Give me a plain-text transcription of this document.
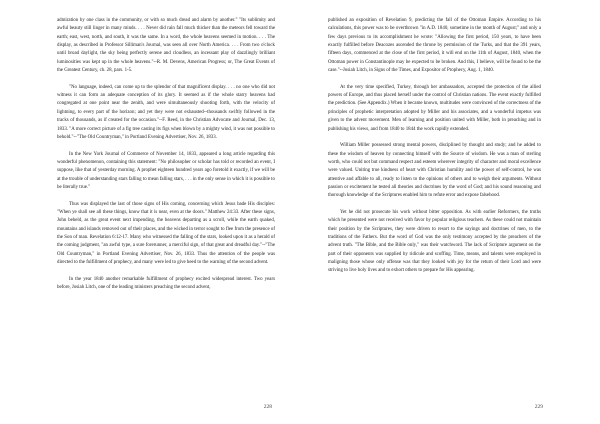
admiration by one class in the community, or with so much dread and alarm by another." "Its sublimity and awful beauty still linger in many minds. . . . Never did rain fall much thicker than the meteors fell toward the earth; east, west, north, and south, it was the same. In a word, the whole heavens seemed in motion. . . . The display, as described in Professor Silliman's Journal, was seen all over North America. . . . From two o'clock until broad daylight, the sky being perfectly serene and cloudless, an incessant play of dazzlingly brilliant luminosities was kept up in the whole heavens."--R. M. Devens, American Progress; or, The Great Events of the Greatest Century, ch. 28, pars. 1-5.

"No language, indeed, can come up to the splendor of that magnificent display. . . . no one who did not witness it can form an adequate conception of its glory. It seemed as if the whole starry heavens had congregated at one point near the zenith, and were simultaneously shooting forth, with the velocity of lightning, to every part of the horizon; and yet they were not exhausted--thousands swiftly followed in the tracks of thousands, as if created for the occasion."--F. Reed, in the Christian Advocate and Journal, Dec. 13, 1833. "A more correct picture of a fig tree casting its figs when blown by a mighty wind, it was not possible to behold."--"The Old Countryman," in Portland Evening Advertiser, Nov. 26, 1833.

In the New York Journal of Commerce of November 14, 1833, appeared a long article regarding this wonderful phenomenon, containing this statement: "No philosopher or scholar has told or recorded an event, I suppose, like that of yesterday morning. A prophet eighteen hundred years ago foretold it exactly, if we will be at the trouble of understanding stars falling to mean falling stars, . . . in the only sense in which it is possible to be literally true."

Thus was displayed the last of those signs of His coming, concerning which Jesus bade His disciples: "When ye shall see all these things, know that it is near, even at the doors." Matthew 24:33. After these signs, John beheld, as the great event next impending, the heavens departing as a scroll, while the earth quaked, mountains and islands removed out of their places, and the wicked in terror sought to flee from the presence of the Son of man. Revelation 6:12-17. Many who witnessed the falling of the stars, looked upon it as a herald of the coming judgment, "an awful type, a sure forerunner, a merciful sign, of that great and dreadful day."--"The Old Countryman," in Portland Evening Advertiser, Nov. 26, 1833. Thus the attention of the people was directed to the fulfillment of prophecy, and many were led to give heed to the warning of the second advent.

In the year 1840 another remarkable fulfillment of prophecy excited widespread interest. Two years before, Josiah Litch, one of the leading ministers preaching the second advent,

228

published an exposition of Revelation 9, predicting the fall of the Ottoman Empire. According to his calculations, this power was to be overthrown "in A.D. 1840, sometime in the month of August;" and only a few days previous to its accomplishment he wrote: "Allowing the first period, 150 years, to have been exactly fulfilled before Deacozes ascended the throne by permission of the Turks, and that the 391 years, fifteen days, commenced at the close of the first period, it will end on the 11th of August, 1840, when the Ottoman power in Constantinople may be expected to be broken. And this, I believe, will be found to be the case."--Josiah Litch, in Signs of the Times, and Expositor of Prophecy, Aug. 1, 1840.

At the very time specified, Turkey, through her ambassadors, accepted the protection of the allied powers of Europe, and thus placed herself under the control of Christian nations. The event exactly fulfilled the prediction. (See Appendix.) When it became known, multitudes were convinced of the correctness of the principles of prophetic interpretation adopted by Miller and his associates, and a wonderful impetus was given to the advent movement. Men of learning and position united with Miller, both in preaching and in publishing his views, and from 1840 to 1844 the work rapidly extended.

William Miller possessed strong mental powers, disciplined by thought and study; and he added to these the wisdom of heaven by connecting himself with the Source of wisdom. He was a man of sterling worth, who could not but command respect and esteem wherever integrity of character and moral excellence were valued. Uniting true kindness of heart with Christian humility and the power of self-control, he was attentive and affable to all, ready to listen to the opinions of others and to weigh their arguments. Without passion or excitement he tested all theories and doctrines by the word of God; and his sound reasoning and thorough knowledge of the Scriptures enabled him to refute error and expose falsehood.

Yet he did not prosecute his work without bitter opposition. As with earlier Reformers, the truths which he presented were not received with favor by popular religious teachers. As these could not maintain their position by the Scriptures, they were driven to resort to the sayings and doctrines of men, to the traditions of the Fathers. But the word of God was the only testimony accepted by the preachers of the advent truth. "The Bible, and the Bible only," was their watchword. The lack of Scripture argument on the part of their opponents was supplied by ridicule and scoffing. Time, means, and talents were employed in maligning those whose only offense was that they looked with joy for the return of their Lord and were striving to live holy lives and to exhort others to prepare for His appearing.

229
